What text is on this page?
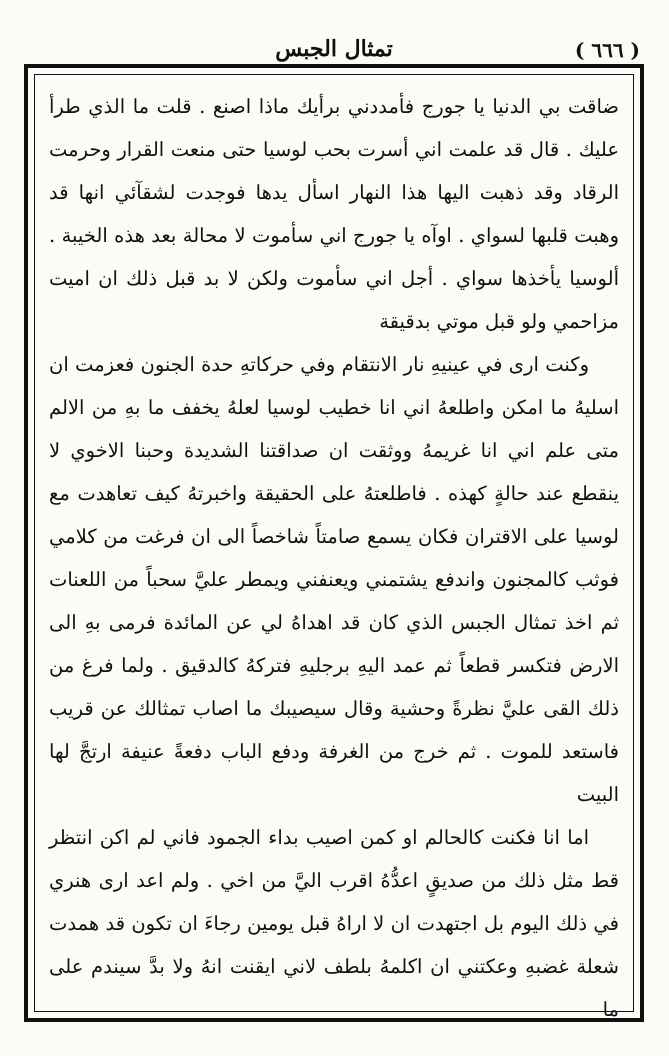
( ٦٦٦ )
تمثال الجبس

ضاقت بي الدنيا يا جورج فأمددني برأيك ماذا اصنع . قلت ما الذي طرأ عليك . قال قد علمت اني أسرت بحب لوسيا حتى منعت القرار وحرمت الرقاد وقد ذهبت اليها هذا النهار اسأل يدها فوجدت لشقآئي انها قد وهبت قلبها لسواي . اوآه يا جورج اني سأموت لا محالة بعد هذه الخيبة . ألوسيا يأخذها سواي . أجل اني سأموت ولكن لا بد قبل ذلك ان اميت مزاحمي ولو قبل موتي بدقيقة

وكنت ارى في عينيهِ نار الانتقام وفي حركاتهِ حدة الجنون فعزمت ان اسليهُ ما امكن واطلعهُ اني انا خطيب لوسيا لعلهُ يخفف ما بهِ من الالم متى علم اني انا غريمهُ ووثقت ان صداقتنا الشديدة وحبنا الاخوي لا ينقطع عند حالةٍ كهذه . فاطلعتهُ على الحقيقة واخبرتهُ كيف تعاهدت مع لوسيا على الاقتران فكان يسمع صامتاً شاخصاً الى ان فرغت من كلامي فوثب كالمجنون واندفع يشتمني ويعنفني ويمطر عليَّ سحباً من اللعنات ثم اخذ تمثال الجبس الذي كان قد اهداهُ لي عن المائدة فرمى بهِ الى الارض فتكسر قطعاً ثم عمد اليهِ برجليهِ فتركهُ كالدقيق . ولما فرغ من ذلك القى عليَّ نظرةً وحشية وقال سيصيبك ما اصاب تمثالك عن قريب فاستعد للموت . ثم خرج من الغرفة ودفع الباب دفعةً عنيفة ارتجَّ لها البيت

اما انا فكنت كالحالم او كمن اصيب بداء الجمود فاني لم اكن انتظر قط مثل ذلك من صديقٍ اعدُّهُ اقرب اليَّ من اخي . ولم اعد ارى هنري في ذلك اليوم بل اجتهدت ان لا اراهُ قبل يومين رجاءَ ان تكون قد همدت شعلة غضبهِ وعكتني ان اكلمهُ بلطف لاني ايقنت انهُ ولا بدَّ سيندم على ما
